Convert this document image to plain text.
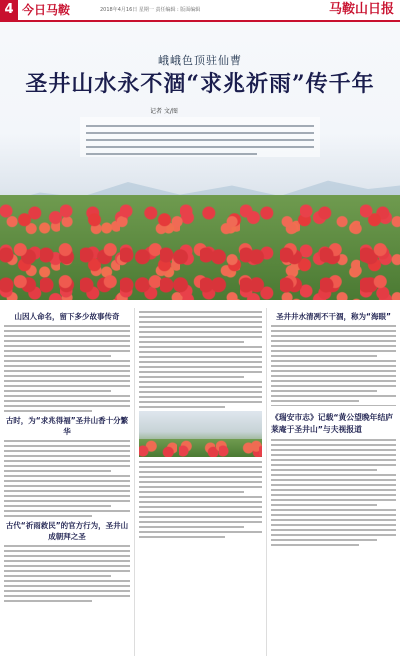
4 今日马鞍	2018年4月16日 星期一 责任编辑 : 版面编辑	马鞍山日报
峨峨色顶驻仙曹
圣井山水永不涸“求兆祈雨”传千年
记者 文/图
山因人命名，留下多少故事传奇
古时，为“求兆得福”圣井山香十分繁华
古代“祈雨救民”的官方行为，圣井山成朝拜之圣
圣井井水清冽不干涸，称为“海眼”
《瑞安市志》记载“黄公望晚年结庐莱庵于圣井山”与夫视报道
